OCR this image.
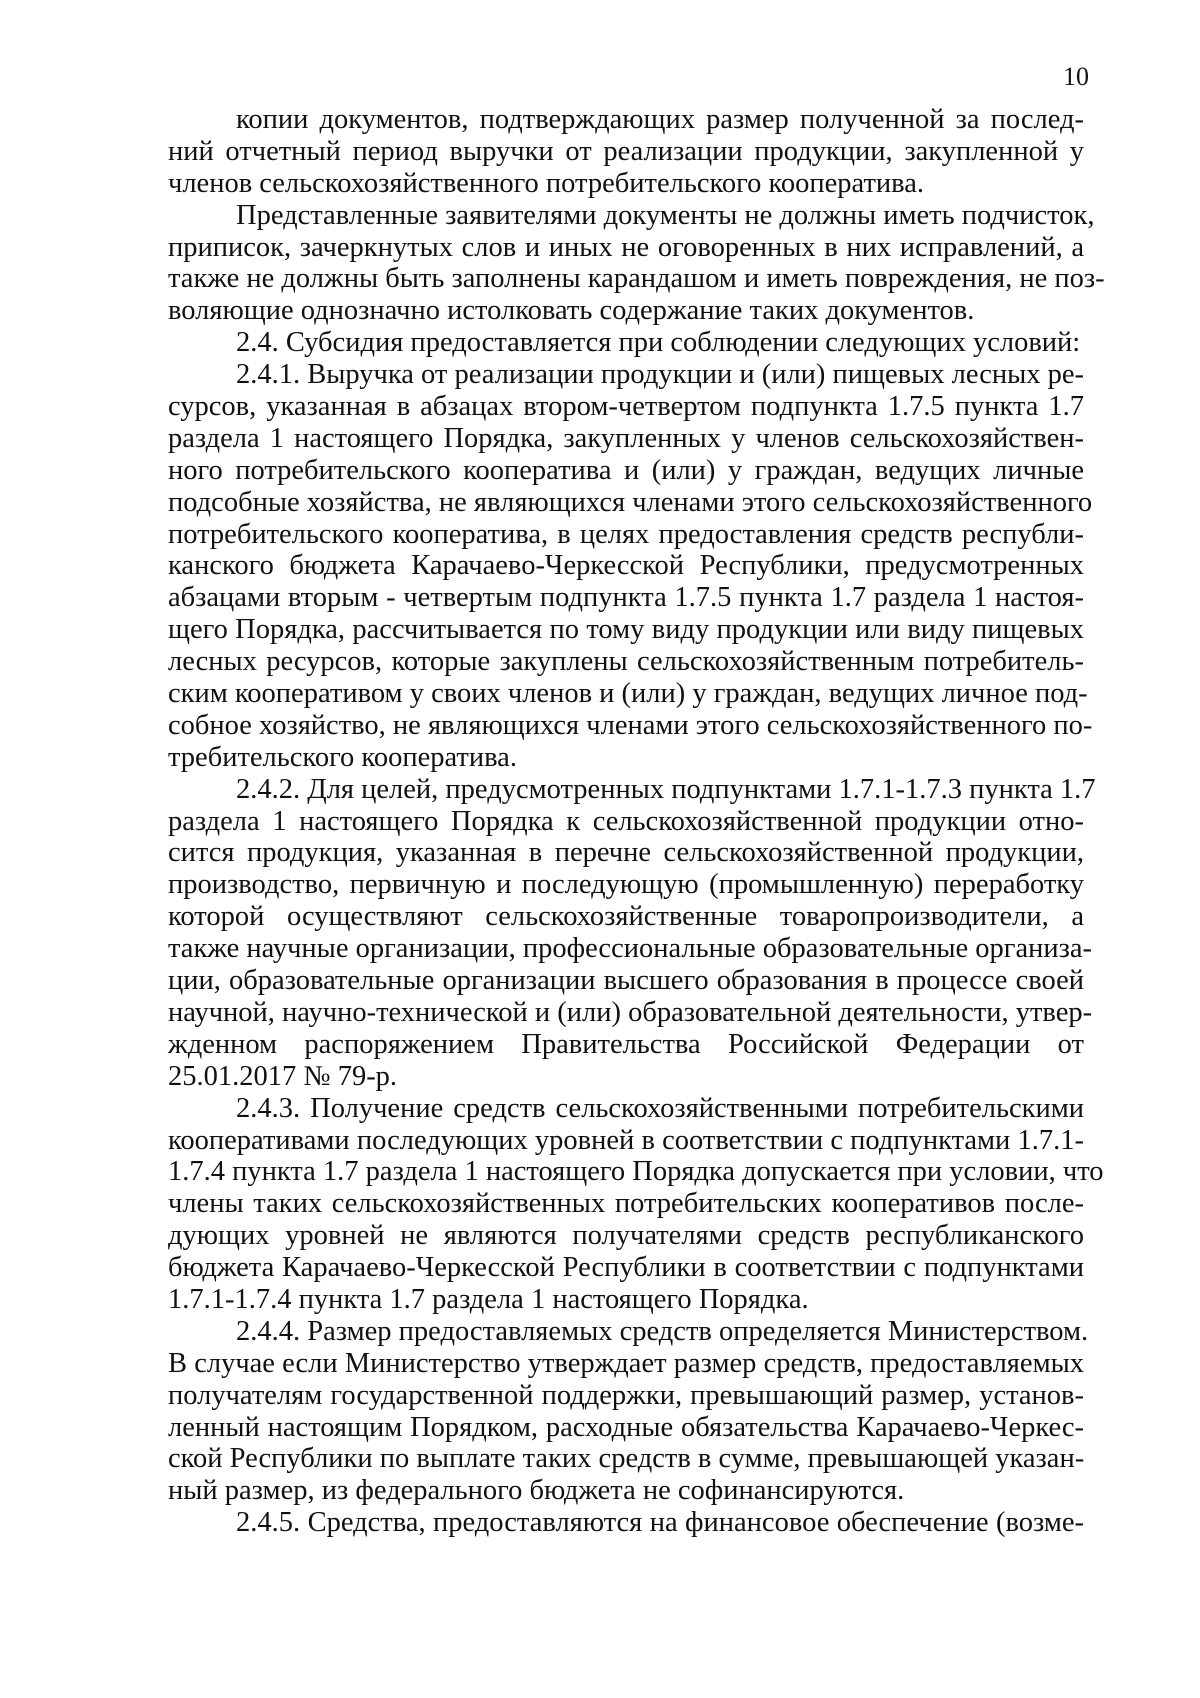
10
копии документов, подтверждающих размер полученной за послед-
ний отчетный период выручки от реализации продукции, закупленной у
членов сельскохозяйственного потребительского кооператива.
Представленные заявителями документы не должны иметь подчисток,
приписок, зачеркнутых слов и иных не оговоренных в них исправлений, а
также не должны быть заполнены карандашом и иметь повреждения, не поз-
воляющие однозначно истолковать содержание таких документов.
2.4. Субсидия предоставляется при соблюдении следующих условий:
2.4.1. Выручка от реализации продукции и (или) пищевых лесных ре-
сурсов, указанная в абзацах втором-четвертом подпункта 1.7.5 пункта 1.7
раздела 1 настоящего Порядка, закупленных у членов сельскохозяйствен-
ного потребительского кооператива и (или) у граждан, ведущих личные
подсобные хозяйства, не являющихся членами этого сельскохозяйственного
потребительского кооператива, в целях предоставления средств республи-
канского бюджета Карачаево-Черкесской Республики, предусмотренных
абзацами вторым - четвертым подпункта 1.7.5 пункта 1.7 раздела 1 настоя-
щего Порядка, рассчитывается по тому виду продукции или виду пищевых
лесных ресурсов, которые закуплены сельскохозяйственным потребитель-
ским кооперативом у своих членов и (или) у граждан, ведущих личное под-
собное хозяйство, не являющихся членами этого сельскохозяйственного по-
требительского кооператива.
2.4.2. Для целей, предусмотренных подпунктами 1.7.1-1.7.3 пункта 1.7
раздела 1 настоящего Порядка к сельскохозяйственной продукции отно-
сится продукция, указанная в перечне сельскохозяйственной продукции,
производство, первичную и последующую (промышленную) переработку
которой осуществляют сельскохозяйственные товаропроизводители, а
также научные организации, профессиональные образовательные организа-
ции, образовательные организации высшего образования в процессе своей
научной, научно-технической и (или) образовательной деятельности, утвер-
жденном распоряжением Правительства Российской Федерации от
25.01.2017 № 79-р.
2.4.3. Получение средств сельскохозяйственными потребительскими
кооперативами последующих уровней в соответствии с подпунктами 1.7.1-
1.7.4 пункта 1.7 раздела 1 настоящего Порядка допускается при условии, что
члены таких сельскохозяйственных потребительских кооперативов после-
дующих уровней не являются получателями средств республиканского
бюджета Карачаево-Черкесской Республики в соответствии с подпунктами
1.7.1-1.7.4 пункта 1.7 раздела 1 настоящего Порядка.
2.4.4. Размер предоставляемых средств определяется Министерством.
В случае если Министерство утверждает размер средств, предоставляемых
получателям государственной поддержки, превышающий размер, установ-
ленный настоящим Порядком, расходные обязательства Карачаево-Черкес-
ской Республики по выплате таких средств в сумме, превышающей указан-
ный размер, из федерального бюджета не софинансируются.
2.4.5. Средства, предоставляются на финансовое обеспечение (возме-
